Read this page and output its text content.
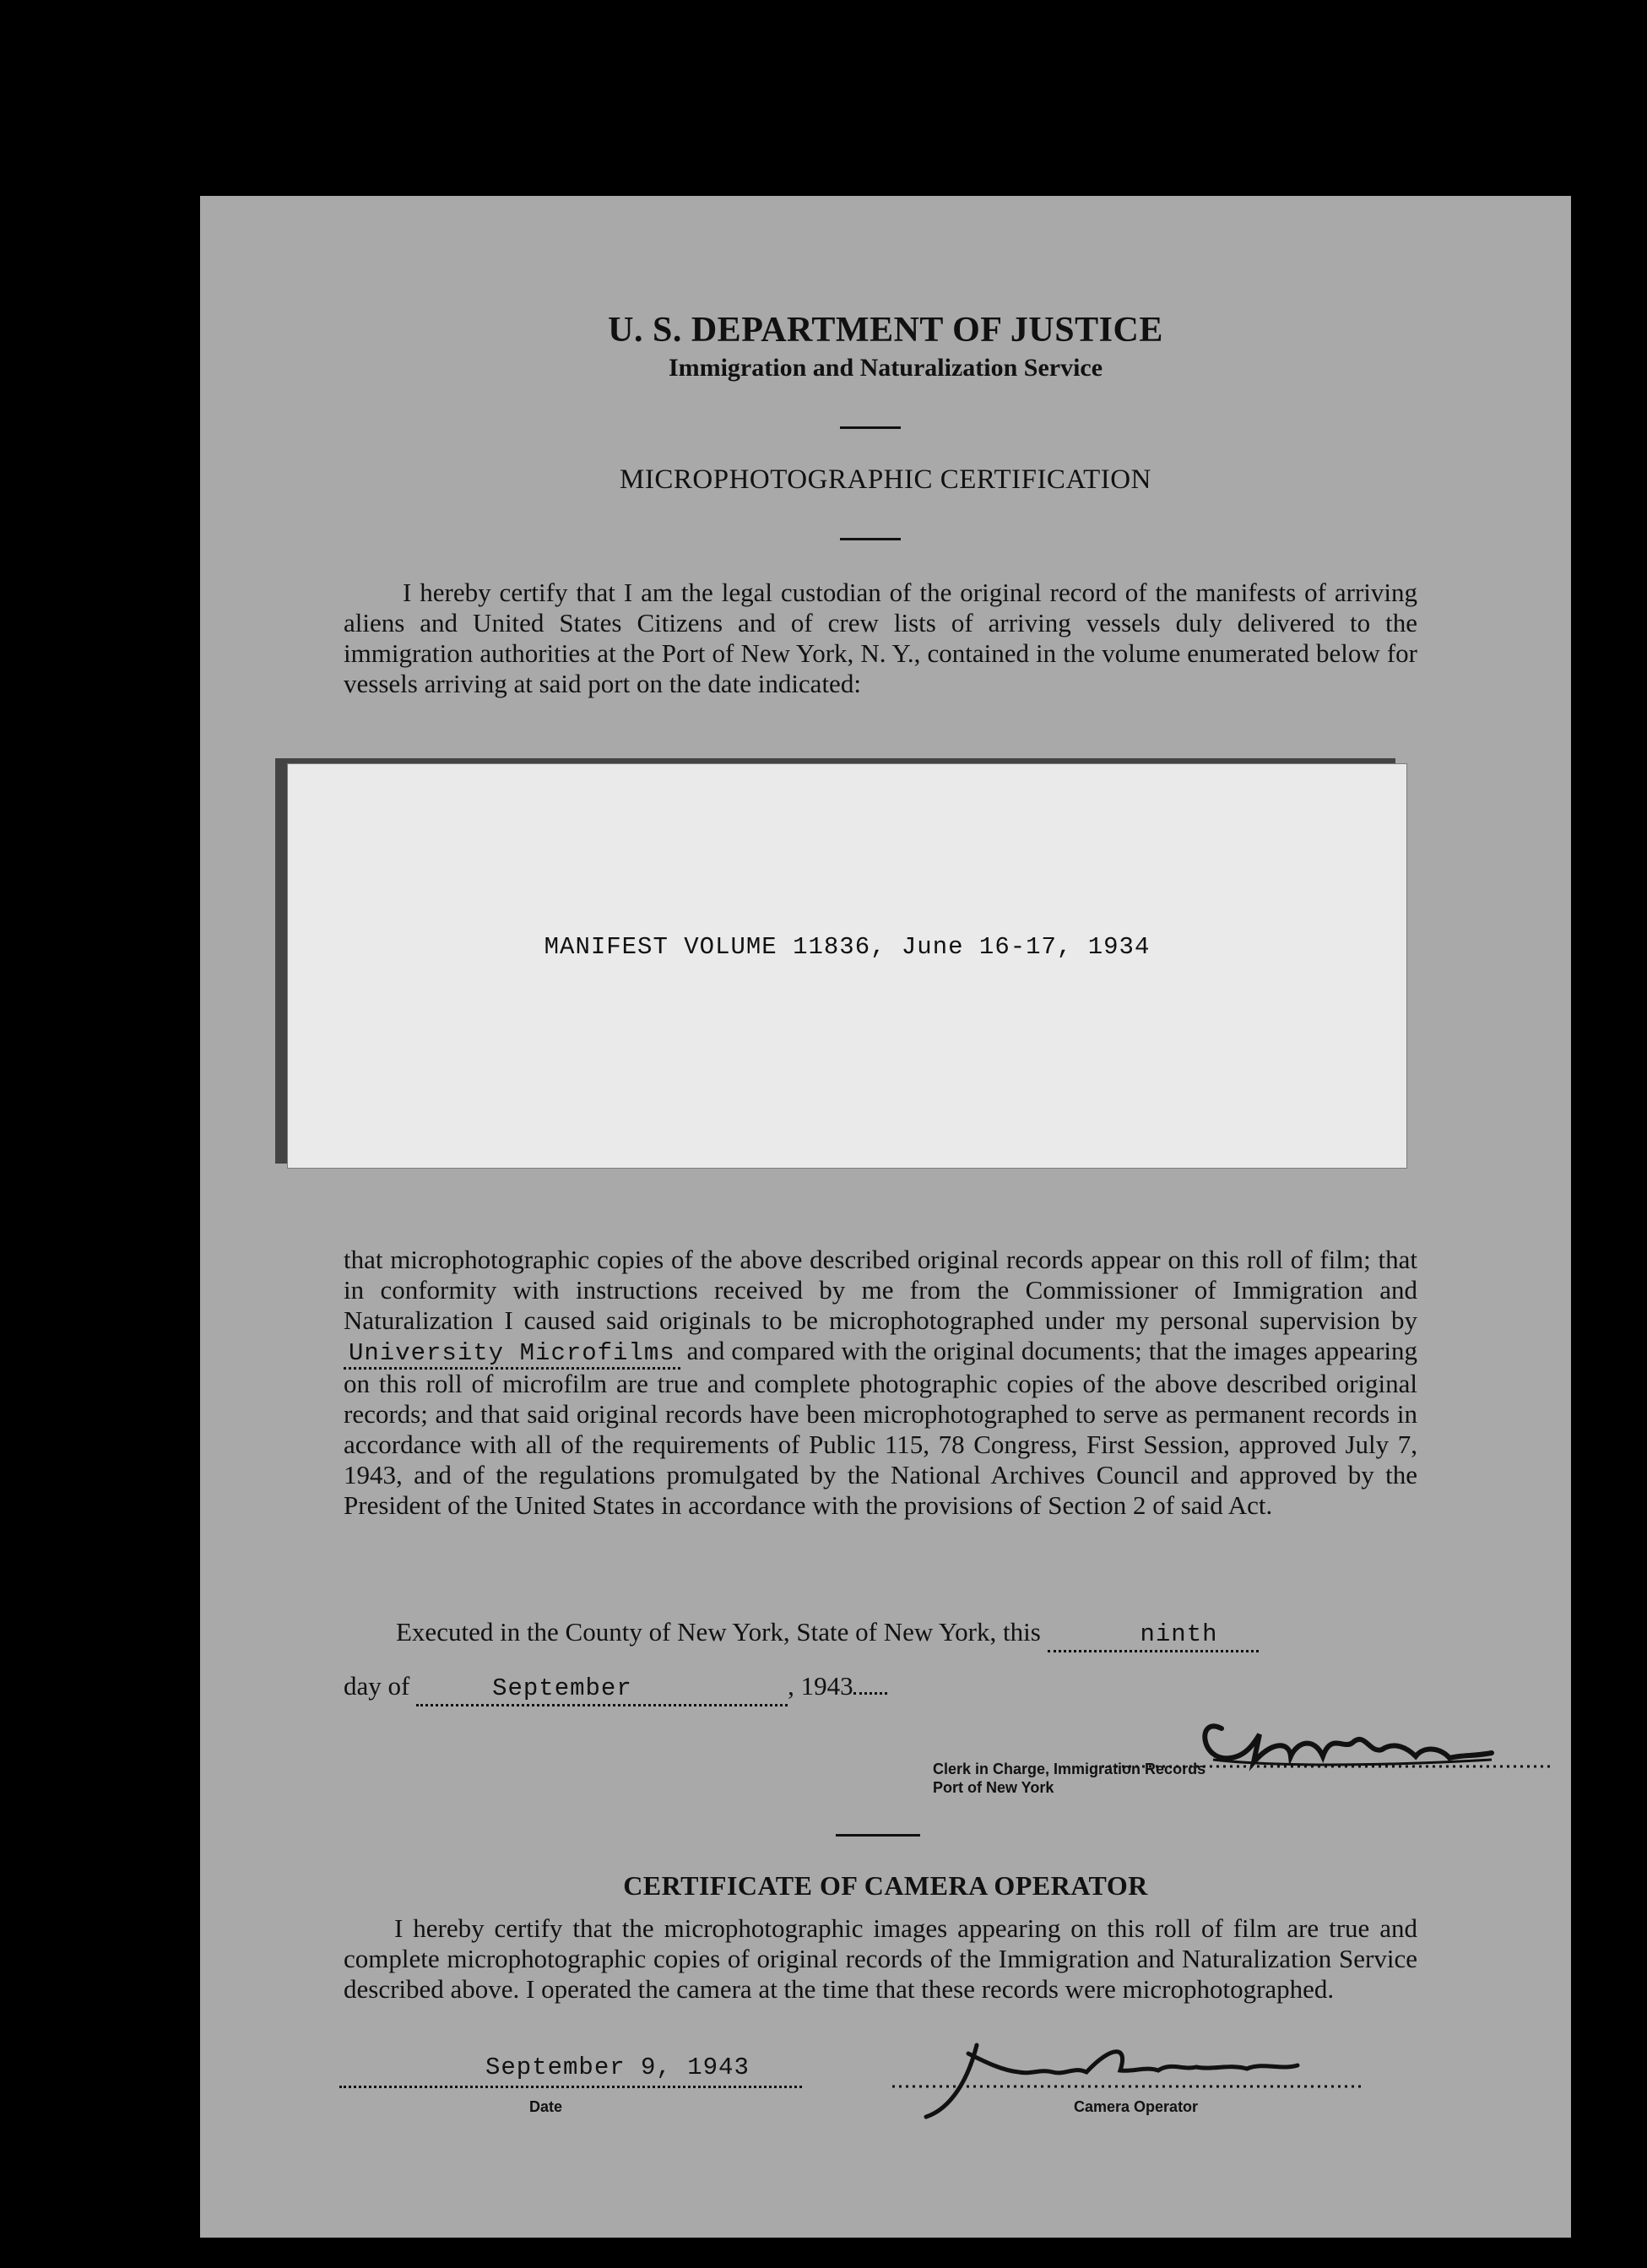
U. S. DEPARTMENT OF JUSTICE
Immigration and Naturalization Service
MICROPHOTOGRAPHIC CERTIFICATION
I hereby certify that I am the legal custodian of the original record of the manifests of arriving aliens and United States Citizens and of crew lists of arriving vessels duly delivered to the immigration authorities at the Port of New York, N. Y., contained in the volume enumerated below for vessels arriving at said port on the date indicated:
MANIFEST VOLUME 11836, June 16-17, 1934
that microphotographic copies of the above described original records appear on this roll of film; that in conformity with instructions received by me from the Commissioner of Immigration and Naturalization I caused said originals to be microphotographed under my personal supervision by University Microfilms and compared with the original documents; that the images appearing on this roll of microfilm are true and complete photographic copies of the above described original records; and that said original records have been microphotographed to serve as permanent records in accordance with all of the requirements of Public 115, 78 Congress, First Session, approved July 7, 1943, and of the regulations promulgated by the National Archives Council and approved by the President of the United States in accordance with the provisions of Section 2 of said Act.
Executed in the County of New York, State of New York, this	ninth
day of	September	, 1943
Clerk in Charge, Immigration Records
Port of New York
CERTIFICATE OF CAMERA OPERATOR
I hereby certify that the microphotographic images appearing on this roll of film are true and complete microphotographic copies of original records of the Immigration and Naturalization Service described above. I operated the camera at the time that these records were microphotographed.
September 9, 1943
Date	Camera Operator
